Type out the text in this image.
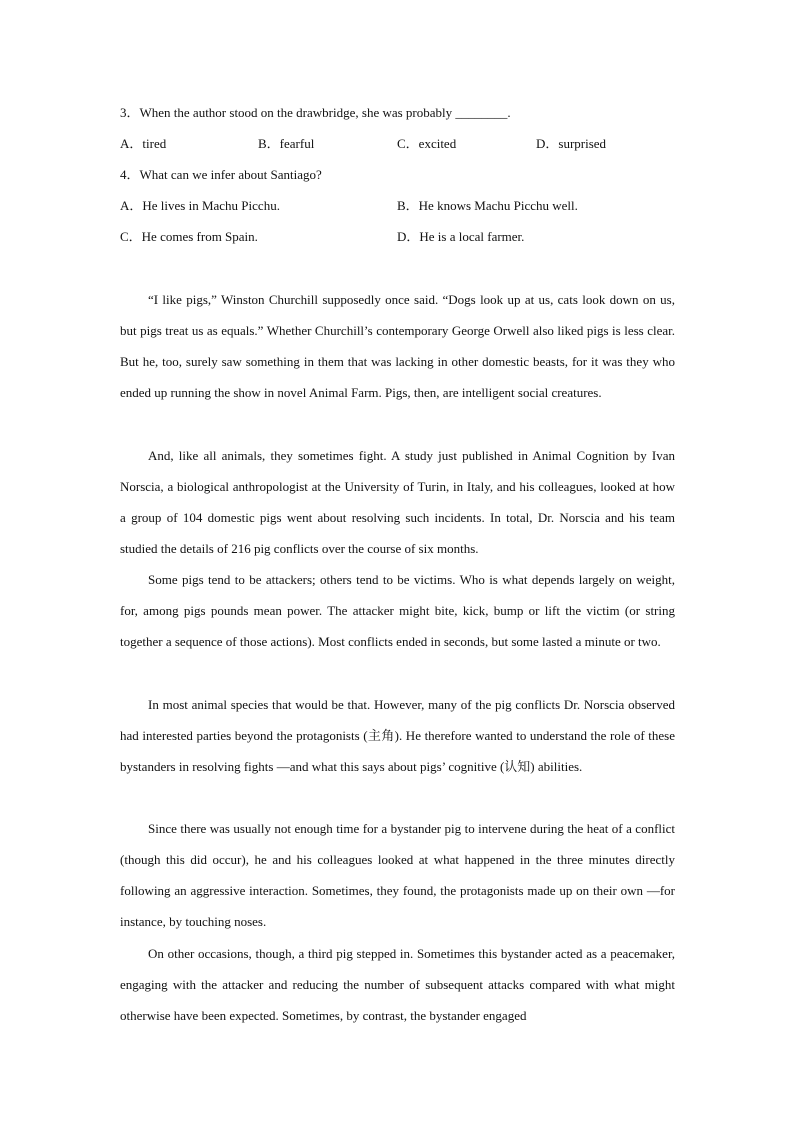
3．When the author stood on the drawbridge, she was probably ________.
A．tired	B．fearful	C．excited	D．surprised
4．What can we infer about Santiago?
A．He lives in Machu Picchu.	B．He knows Machu Picchu well.
C．He comes from Spain.	D．He is a local farmer.

“I like pigs,” Winston Churchill supposedly once said. “Dogs look up at us, cats look down on us, but pigs treat us as equals.” Whether Churchill’s contemporary George Orwell also liked pigs is less clear. But he, too, surely saw something in them that was lacking in other domestic beasts, for it was they who ended up running the show in novel Animal Farm. Pigs, then, are intelligent social creatures.

And, like all animals, they sometimes fight. A study just published in Animal Cognition by Ivan Norscia, a biological anthropologist at the University of Turin, in Italy, and his colleagues, looked at how a group of 104 domestic pigs went about resolving such incidents. In total, Dr. Norscia and his team studied the details of 216 pig conflicts over the course of six months.

Some pigs tend to be attackers; others tend to be victims. Who is what depends largely on weight, for, among pigs pounds mean power. The attacker might bite, kick, bump or lift the victim (or string together a sequence of those actions). Most conflicts ended in seconds, but some lasted a minute or two.

In most animal species that would be that. However, many of the pig conflicts Dr. Norscia observed had interested parties beyond the protagonists (主角). He therefore wanted to understand the role of these bystanders in resolving fights —and what this says about pigs’ cognitive (认知) abilities.

Since there was usually not enough time for a bystander pig to intervene during the heat of a conflict (though this did occur), he and his colleagues looked at what happened in the three minutes directly following an aggressive interaction. Sometimes, they found, the protagonists made up on their own —for instance, by touching noses.

On other occasions, though, a third pig stepped in. Sometimes this bystander acted as a peacemaker, engaging with the attacker and reducing the number of subsequent attacks compared with what might otherwise have been expected. Sometimes, by contrast, the bystander engaged
